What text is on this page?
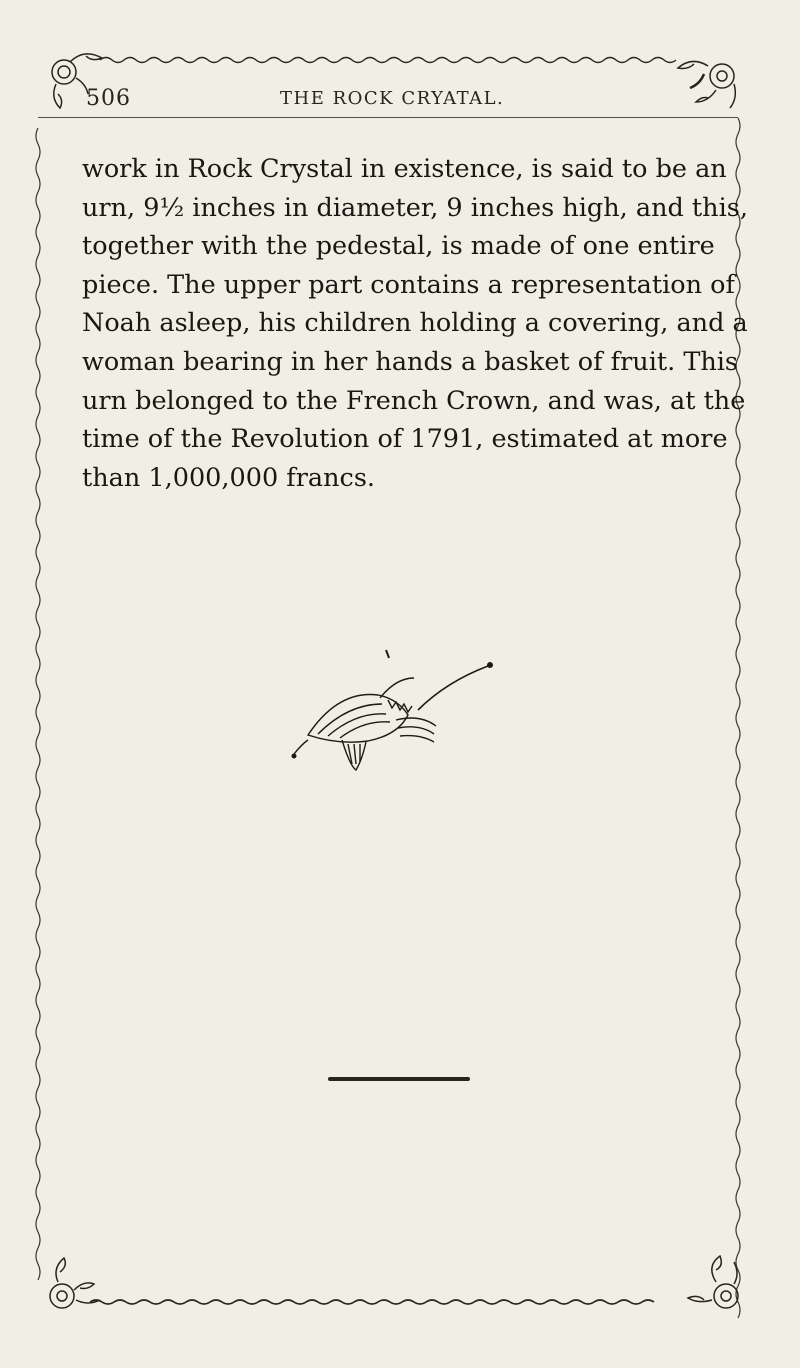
506	THE ROCK CRYATAL.
work in Rock Crystal in existence, is said to be an
urn, 9½ inches in diameter, 9 inches high, and this,
together with the pedestal, is made of one entire
piece. The upper part contains a representation of
Noah asleep, his children holding a covering, and a
woman bearing in her hands a basket of fruit. This
urn belonged to the French Crown, and was, at the
time of the Revolution of 1791, estimated at more
than 1,000,000 francs.
